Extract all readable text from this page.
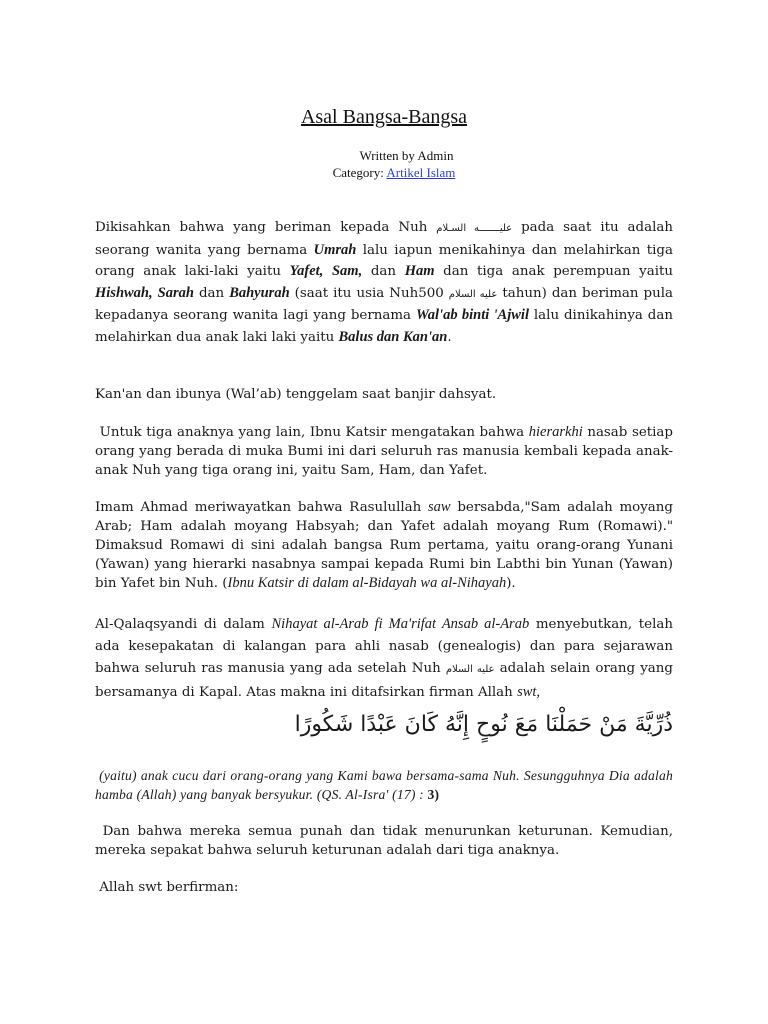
Asal Bangsa-Bangsa
Written by Admin
Category: Artikel Islam

Dikisahkan bahwa yang beriman kepada Nuh عليـــــــه السـلام pada saat itu adalah seorang wanita yang bernama Umrah lalu iapun menikahinya dan melahirkan tiga orang anak laki-laki yaitu Yafet, Sam, dan Ham dan tiga anak perempuan yaitu Hishwah, Sarah dan Bahyurah (saat itu usia Nuh500 عليه السلام tahun) dan beriman pula kepadanya seorang wanita lagi yang bernama Wal'ab binti 'Ajwil lalu dinikahinya dan melahirkan dua anak laki laki yaitu Balus dan Kan'an.

Kan'an dan ibunya (Wal’ab) tenggelam saat banjir dahsyat.

Untuk tiga anaknya yang lain, Ibnu Katsir mengatakan bahwa hierarkhi nasab setiap orang yang berada di muka Bumi ini dari seluruh ras manusia kembali kepada anak-anak Nuh yang tiga orang ini, yaitu Sam, Ham, dan Yafet.

Imam Ahmad meriwayatkan bahwa Rasulullah saw bersabda,"Sam adalah moyang Arab; Ham adalah moyang Habsyah; dan Yafet adalah moyang Rum (Romawi)." Dimaksud Romawi di sini adalah bangsa Rum pertama, yaitu orang-orang Yunani (Yawan) yang hierarki nasabnya sampai kepada Rumi bin Labthi bin Yunan (Yawan) bin Yafet bin Nuh. (Ibnu Katsir di dalam al-Bidayah wa al-Nihayah).

Al-Qalaqsyandi di dalam Nihayat al-Arab fi Ma'rifat Ansab al-Arab menyebutkan, telah ada kesepakatan di kalangan para ahli nasab (genealogis) dan para sejarawan bahwa seluruh ras manusia yang ada setelah Nuh عليه السلام adalah selain orang yang bersamanya di Kapal. Atas makna ini ditafsirkan firman Allah swt,

ذُرِّيَّةَ مَنْ حَمَلْنَا مَعَ نُوحٍ إِنَّهُ كَانَ عَبْدًا شَكُورًا

(yaitu) anak cucu dari orang-orang yang Kami bawa bersama-sama Nuh. Sesungguhnya Dia adalah hamba (Allah) yang banyak bersyukur. (QS. Al-Isra' (17) : 3)

Dan bahwa mereka semua punah dan tidak menurunkan keturunan. Kemudian, mereka sepakat bahwa seluruh keturunan adalah dari tiga anaknya.

Allah swt berfirman:
